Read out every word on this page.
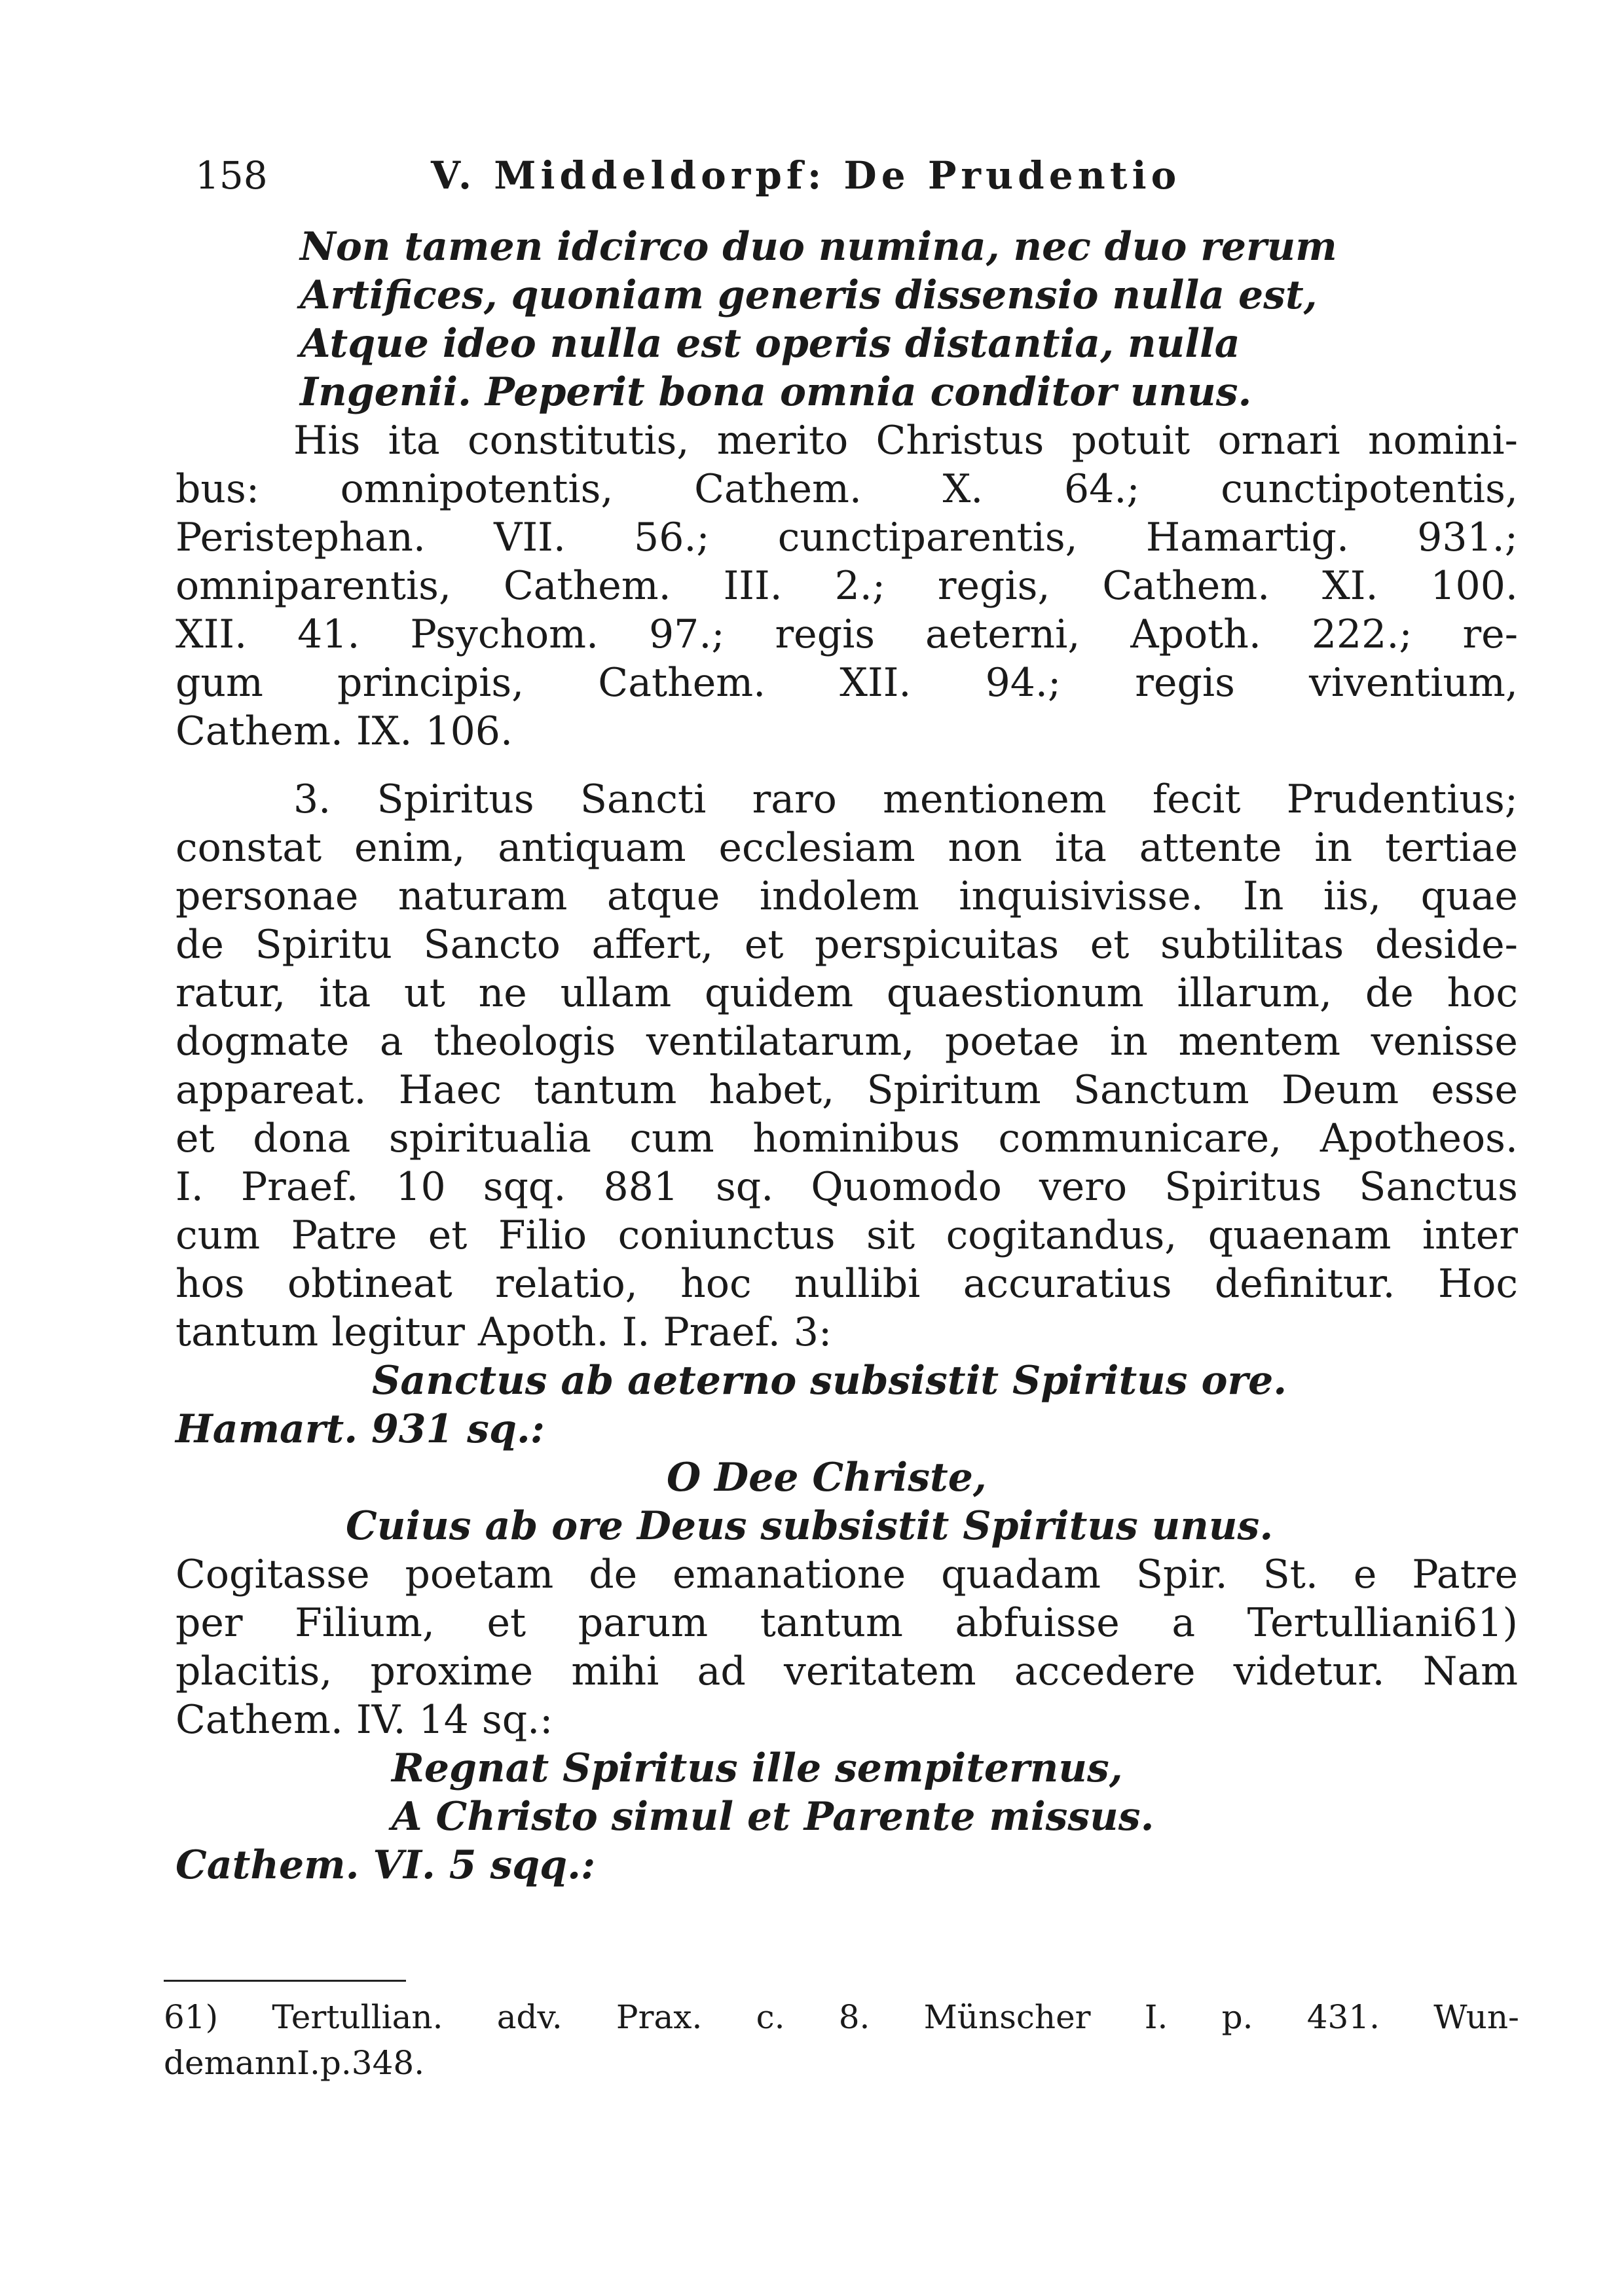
158	V. Middeldorpf: De Prudentio
Non tamen idcirco duo numina, nec duo rerum
Artifices, quoniam generis dissensio nulla est,
Atque ideo nulla est operis distantia, nulla
Ingenii. Peperit bona omnia conditor unus.
His ita constitutis, merito Christus potuit ornari nomini-
bus: omnipotentis, Cathem. X. 64.; cunctipotentis,
Peristephan. VII. 56.; cunctiparentis, Hamartig. 931.;
omniparentis, Cathem. III. 2.; regis, Cathem. XI. 100.
XII. 41. Psychom. 97.; regis aeterni, Apoth. 222.; re-
gum principis, Cathem. XII. 94.; regis viventium,
Cathem. IX. 106.
3. Spiritus Sancti raro mentionem fecit Prudentius;
constat enim, antiquam ecclesiam non ita attente in tertiae
personae naturam atque indolem inquisivisse. In iis, quae
de Spiritu Sancto affert, et perspicuitas et subtilitas deside-
ratur, ita ut ne ullam quidem quaestionum illarum, de hoc
dogmate a theologis ventilatarum, poetae in mentem venisse
appareat. Haec tantum habet, Spiritum Sanctum Deum esse
et dona spiritualia cum hominibus communicare, Apotheos.
I. Praef. 10 sqq. 881 sq. Quomodo vero Spiritus Sanctus
cum Patre et Filio coniunctus sit cogitandus, quaenam inter
hos obtineat relatio, hoc nullibi accuratius definitur. Hoc
tantum legitur Apoth. I. Praef. 3:
Sanctus ab aeterno subsistit Spiritus ore.
Hamart. 931 sq.:
O Dee Christe,
Cuius ab ore Deus subsistit Spiritus unus.
Cogitasse poetam de emanatione quadam Spir. St. e Patre
per Filium, et parum tantum abfuisse a Tertulliani61)
placitis, proxime mihi ad veritatem accedere videtur. Nam
Cathem. IV. 14 sq.:
Regnat Spiritus ille sempiternus,
A Christo simul et Parente missus.
Cathem. VI. 5 sqq.:
61) Tertullian. adv. Prax. c. 8. Münscher I. p. 431. Wun-
demann I. p. 348.
